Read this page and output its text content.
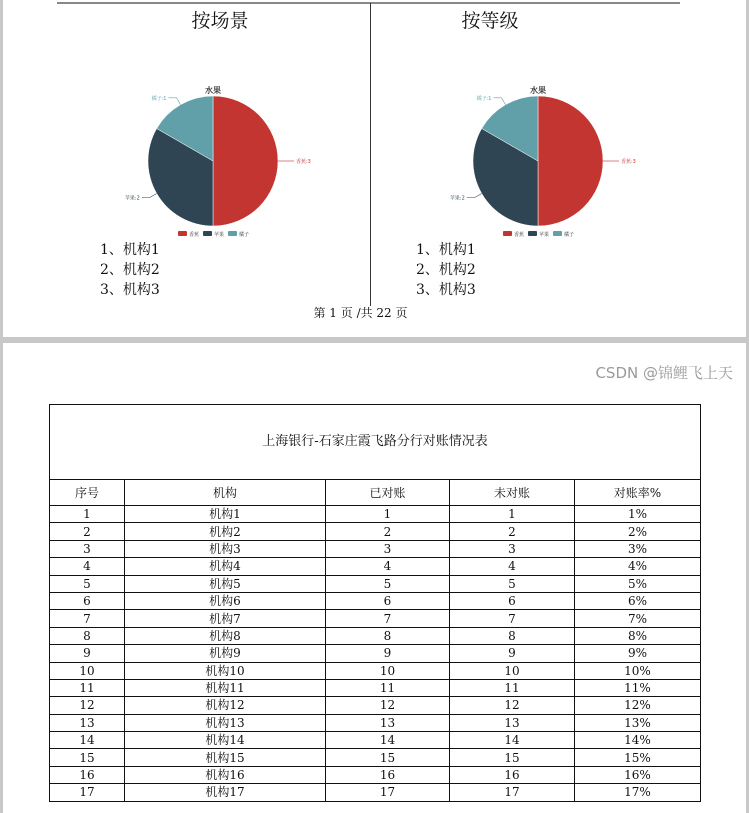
按场景	按等级
水果
香蕉:3
香蕉
苹果:2
苹果
橘子:1
橘子
水果
香蕉:3
香蕉
苹果:2
苹果
橘子:1
橘子
1、机构1
2、机构2
3、机构3
1、机构1
2、机构2
3、机构3
第 1 页 /共 22 页
上海银行-石家庄霞飞路分行对账情况表				
序号	机构	已对账	未对账	对账率%
1	机构1	1	1	1%
2	机构2	2	2	2%
3	机构3	3	3	3%
4	机构4	4	4	4%
5	机构5	5	5	5%
6	机构6	6	6	6%
7	机构7	7	7	7%
8	机构8	8	8	8%
9	机构9	9	9	9%
10	机构10	10	10	10%
11	机构11	11	11	11%
12	机构12	12	12	12%
13	机构13	13	13	13%
14	机构14	14	14	14%
15	机构15	15	15	15%
16	机构16	16	16	16%
17	机构17	17	17	17%
CSDN @锦鲤飞上天
